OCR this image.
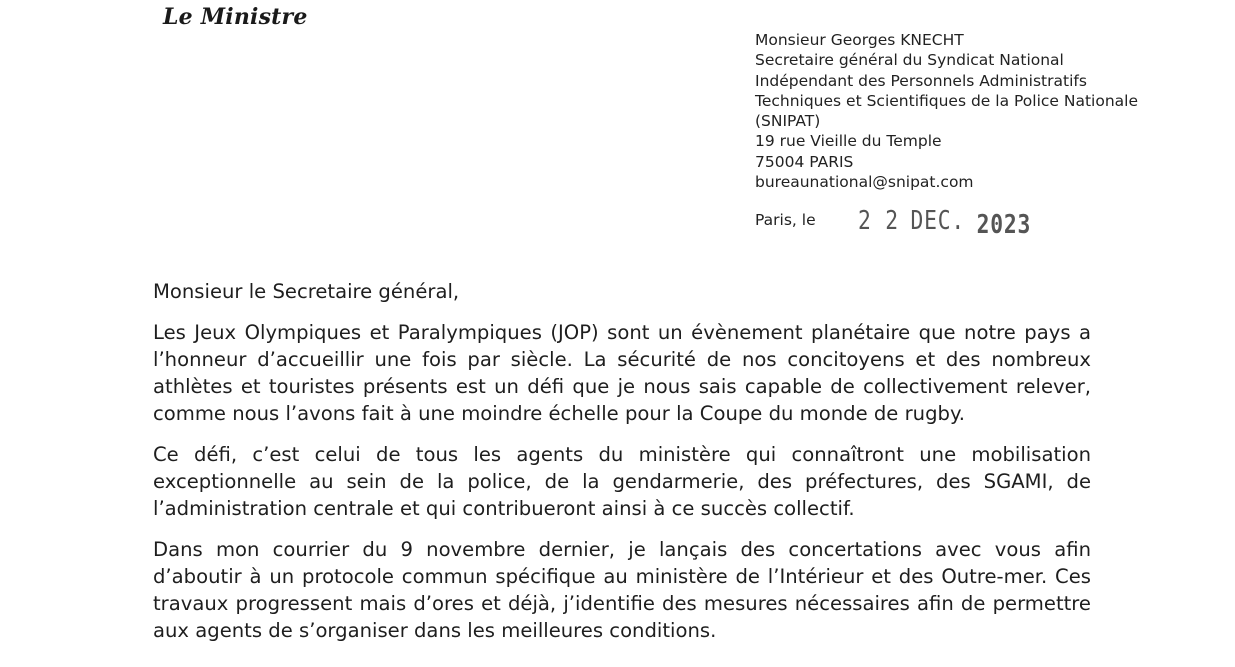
Le Ministre
Monsieur Georges KNECHT
Secretaire général du Syndicat National
Indépendant des Personnels Administratifs
Techniques et Scientifiques de la Police Nationale
(SNIPAT)
19 rue Vieille du Temple
75004 PARIS
bureaunational@snipat.com
Paris, le 2 2 DEC. 2023

Monsieur le Secretaire général,

Les Jeux Olympiques et Paralympiques (JOP) sont un évènement planétaire que notre pays a l’honneur d’accueillir une fois par siècle. La sécurité de nos concitoyens et des nombreux athlètes et touristes présents est un défi que je nous sais capable de collectivement relever, comme nous l’avons fait à une moindre échelle pour la Coupe du monde de rugby.

Ce défi, c’est celui de tous les agents du ministère qui connaîtront une mobilisation exceptionnelle au sein de la police, de la gendarmerie, des préfectures, des SGAMI, de l’administration centrale et qui contribueront ainsi à ce succès collectif.

Dans mon courrier du 9 novembre dernier, je lançais des concertations avec vous afin d’aboutir à un protocole commun spécifique au ministère de l’Intérieur et des Outre-mer. Ces travaux progressent mais d’ores et déjà, j’identifie des mesures nécessaires afin de permettre aux agents de s’organiser dans les meilleures conditions.
